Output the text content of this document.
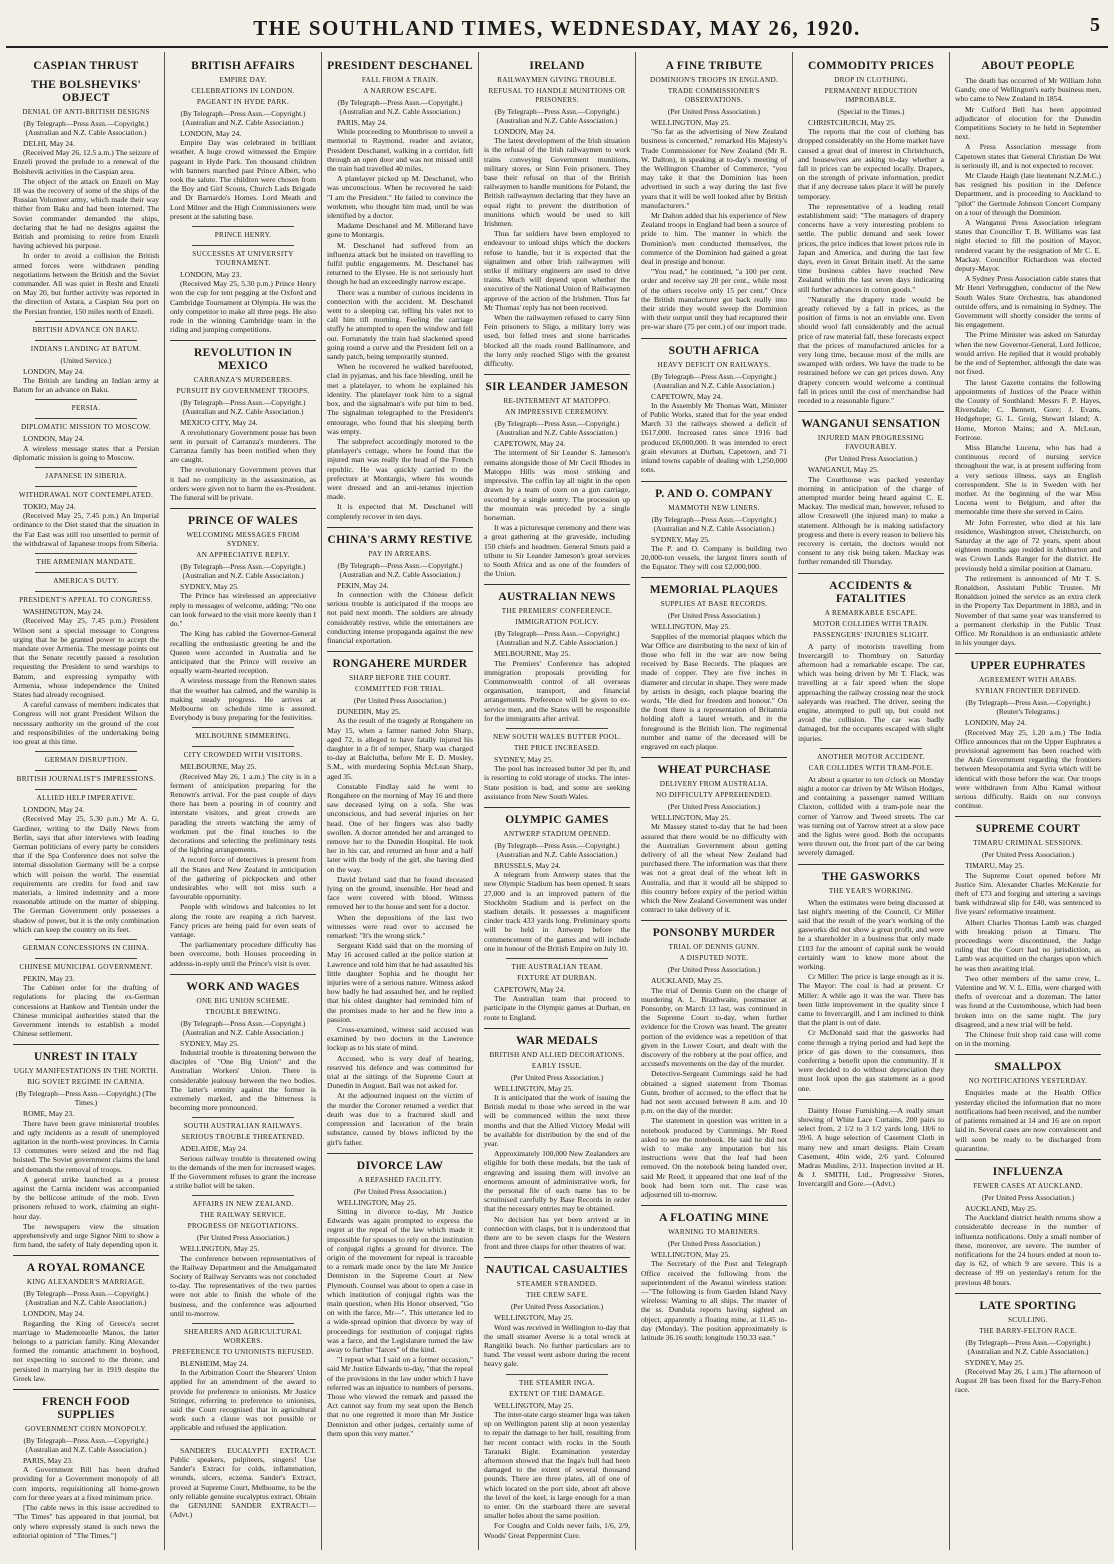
THE SOUTHLAND TIMES, WEDNESDAY, MAY 26, 1920.	5
CASPIAN THRUST
THE BOLSHEVIKS' OBJECT
DENIAL OF ANTI-BRITISH DESIGNS
(By Telegraph—Press Assn.—Copyright.) (Australian and N.Z. Cable Association.)
DELHI, May 24.
(Received May 26, 12.5 a.m.) The seizure of Enzeli proved the prelude to a renewal of the Bolshevik activities in the Caspian area.
The object of the attack on Enzeli on May 18 was the recovery of some of the ships of the Russian Volunteer army, which made their way thither from Baku and had been interned. The Soviet commander demanded the ships, declaring that he had no designs against the British and promising to retire from Enzeli having achieved his purpose.
In order to avoid a collision the British armed forces were withdrawn pending negotiations between the British and the Soviet commander. All was quiet in Resht and Enzeli on May 20, but further activity was reported in the direction of Astara, a Caspian Sea port on the Persian frontier, 150 miles north of Enzeli.
BRITISH ADVANCE ON BAKU.
INDIANS LANDING AT BATUM.
(United Service.)
LONDON, May 24.
The British are landing an Indian army at Batum for an advance on Baku.
PERSIA.
DIPLOMATIC MISSION TO MOSCOW.
LONDON, May 24.
A wireless message states that a Persian diplomatic mission is going to Moscow.
JAPANESE IN SIBERIA.
WITHDRAWAL NOT CONTEMPLATED.
TOKIO, May 24.
(Received May 25, 7.45 p.m.) An Imperial ordinance to the Diet stated that the situation in the Far East was still too unsettled to permit of the withdrawal of Japanese troops from Siberia.
THE ARMENIAN MANDATE.
AMERICA'S DUTY.
PRESIDENT'S APPEAL TO CONGRESS.
WASHINGTON, May 24.
(Received May 25, 7.45 p.m.) President Wilson sent a special message to Congress urging that he be granted power to accept the mandate over Armenia. The message points out that the Senate recently passed a resolution requesting the President to send warships to Batum, and expressing sympathy with Armenia, whose independence the United States had already recognised.
A careful canvass of members indicates that Congress will not grant President Wilson the necessary authority on the ground of the cost and responsibilities of the undertaking being too great at this time.
GERMAN DISRUPTION.
BRITISH JOURNALIST'S IMPRESSIONS.
ALLIED HELP IMPERATIVE.
LONDON, May 24.
(Received May 25, 5.30 p.m.) Mr A. G. Gardiner, writing to the Daily News from Berlin, says that after interviews with leading German politicians of every party he considers that if the Spa Conference does not solve the internal dissolution Germany will be a corpse which will poison the world. The essential requirements are credits for food and raw materials, a limited indemnity and a more reasonable attitude on the matter of shipping. The German Government only possesses a shadow of power, but it is the only combination which can keep the country on its feet.
GERMAN CONCESSIONS IN CHINA.
CHINESE MUNICIPAL GOVERNMENT.
PEKIN, May 23.
The Cabinet order for the drafting of regulations for placing the ex-German concessions at Hankow and Tientsin under the Chinese municipal authorities stated that the Government intends to establish a model Chinese settlement.
UNREST IN ITALY
UGLY MANIFESTATIONS IN THE NORTH.
BIG SOVIET REGIME IN CARNIA.
(By Telegraph—Press Assn.—Copyright.) (The Times.)
ROME, May 23.
There have been grave ministerial troubles and ugly incidents as a result of unemployed agitation in the north-west provinces. In Carnia 13 communes were seized and the red flag hoisted. The Soviet government claims the land and demands the removal of troops.
A general strike launched as a protest against the Carnia incident was accompanied by the bellicose attitude of the mob. Even prisoners refused to work, claiming an eight-hour day.
The newspapers view the situation apprehensively and urge Signor Nitti to show a firm hand, the safety of Italy depending upon it.
A ROYAL ROMANCE
KING ALEXANDER'S MARRIAGE.
(By Telegraph—Press Assn.—Copyright.) (Australian and N.Z. Cable Association.)
LONDON, May 24.
Regarding the King of Greece's secret marriage to Mademoiselle Manos, the latter belongs to a patrician family. King Alexander formed the romantic attachment in boyhood, not expecting to succeed to the throne, and persisted in marrying her in 1919 despite the Greek law.
FRENCH FOOD SUPPLIES
GOVERNMENT CORN MONOPOLY.
(By Telegraph—Press Assn.—Copyright.) (Australian and N.Z. Cable Association.)
PARIS, May 23.
A Government Bill has been drafted providing for a Government monopoly of all corn imports, requisitioning all home-grown corn for three years at a fixed minimum price.
[The cable news in this issue accredited to "The Times" has appeared in that journal, but only where expressly stated is such news the editorial opinion of "The Times."]
BRITISH AFFAIRS
EMPIRE DAY.
CELEBRATIONS IN LONDON.
PAGEANT IN HYDE PARK.
(By Telegraph—Press Assn.—Copyright.) (Australian and N.Z. Cable Association.)
LONDON, May 24.
Empire Day was celebrated in brilliant weather. A huge crowd witnessed the Empire pageant in Hyde Park. Ten thousand children with banners marched past Prince Albert, who took the salute. The children were chosen from the Boy and Girl Scouts, Church Lads Brigade and Dr Barnardo's Homes. Lord Meath and Lord Milner and the High Commissioners were present at the saluting base.
PRINCE HENRY.
SUCCESSES AT UNIVERSITY TOURNAMENT.
LONDON, May 23.
(Received May 25, 5.30 p.m.) Prince Henry won the cup for tent pegging at the Oxford and Cambridge Tournament at Olympia. He was the only competitor to make all three pegs. He also rode in the winning Cambridge team in the riding and jumping competitions.
REVOLUTION IN MEXICO
CARRANZA'S MURDERERS.
PURSUIT BY GOVERNMENT TROOPS.
(By Telegraph—Press Assn.—Copyright.) (Australian and N.Z. Cable Association.)
MEXICO CITY, May 24.
A revolutionary Government posse has been sent in pursuit of Carranza's murderers. The Carranza family has been notified when they are caught.
The revolutionary Government proves that it had no complicity in the assassination, as orders were given not to harm the ex-President. The funeral will be private.
PRINCE OF WALES
WELCOMING MESSAGES FROM SYDNEY.
AN APPRECIATIVE REPLY.
(By Telegraph—Press Assn.—Copyright.) (Australian and N.Z. Cable Association.)
SYDNEY, May 25.
The Prince has wirelessed an appreciative reply to messages of welcome, adding: "No one can look forward to the visit more keenly than I do."
The King has cabled the Governor-General recalling the enthusiastic greeting he and the Queen were accorded in Australia and he anticipated that the Prince will receive an equally warm-hearted reception.
A wireless message from the Renown states that the weather has calmed, and the warship is making steady progress. He arrives at Melbourne on schedule time is assured. Everybody is busy preparing for the festivities.
MELBOURNE SIMMERING.
CITY CROWDED WITH VISITORS.
MELBOURNE, May 25.
(Received May 26, 1 a.m.) The city is in a ferment of anticipation preparing for the Renown's arrival. For the past couple of days there has been a pouring in of country and interstate visitors, and great crowds are parading the streets watching the army of workmen put the final touches to the decorations and selecting the preliminary tests of the lighting arrangements.
A record force of detectives is present from all the States and New Zealand in anticipation of the gathering of pickpockets and other undesirables who will not miss such a favourable opportunity.
People with windows and balconies to let along the route are reaping a rich harvest. Fancy prices are being paid for even seats of vantage.
The parliamentary procedure difficulty has been overcome, both Houses proceeding in address-in-reply until the Prince's visit is over.
WORK AND WAGES
ONE BIG UNION SCHEME.
TROUBLE BREWING.
(By Telegraph—Press Assn.—Copyright.) (Australian and N.Z. Cable Association.)
SYDNEY, May 25.
Industrial trouble is threatening between the disciples of "One Big Union" and the Australian Workers' Union. There is considerable jealousy between the two bodies. The latter's enmity against the former is extremely marked, and the bitterness is becoming more pronounced.
SOUTH AUSTRALIAN RAILWAYS.
SERIOUS TROUBLE THREATENED.
ADELAIDE, May 24.
Serious railway trouble is threatened owing to the demands of the men for increased wages. If the Government refuses to grant the increase a strike ballot will be taken.
AFFAIRS IN NEW ZEALAND.
THE RAILWAY SERVICE.
PROGRESS OF NEGOTIATIONS.
(Per United Press Association.)
WELLINGTON, May 25.
The conference between representatives of the Railway Department and the Amalgamated Society of Railway Servants was not concluded to-day. The representatives of the two parties were not able to finish the whole of the business, and the conference was adjourned until to-morrow.
SHEARERS AND AGRICULTURAL WORKERS.
PREFERENCE TO UNIONISTS REFUSED.
BLENHEIM, May 24.
In the Arbitration Court the Shearers' Union applied for an amendment of the award to provide for preference to unionists. Mr Justice Stringer, referring to preference to unionists, said the Court recognised that in agricultural work such a clause was not possible or applicable and refused the application.
SANDER'S EUCALYPTI EXTRACT. Public speakers, pulpiteers, singers! Use Sander's Extract for colds, inflammation, wounds, ulcers, eczema. Sander's Extract, proved at Supreme Court, Melbourne, to be the only reliable genuine eucalyptus extract. Obtain the GENUINE SANDER EXTRACT!—(Advt.)
PRESIDENT DESCHANEL
FALL FROM A TRAIN.
A NARROW ESCAPE.
(By Telegraph—Press Assn.—Copyright.) (Australian and N.Z. Cable Association.)
PARIS, May 24.
While proceeding to Montbrison to unveil a memorial to Raymond, reader and aviator, President Deschanel, walking in a corridor, fell through an open door and was not missed until the train had travelled 40 miles.
A platelayer picked up M. Deschanel, who was unconscious. When he recovered he said: "I am the President." He failed to convince the workmen, who thought him mad, until he was identified by a doctor.
Madame Deschanel and M. Millerand have gone to Montargis.
M. Deschanel had suffered from an influenza attack but he insisted on travelling to fulfil public engagements. M. Deschanel has returned to the Elysee. He is not seriously hurt though he had an exceedingly narrow escape.
There was a number of curious incidents in connection with the accident. M. Deschanel went to a sleeping car, telling his valet not to call him till morning. Feeling the carriage stuffy he attempted to open the window and fell out. Fortunately the train had slackened speed going round a curve and the President fell on a sandy patch, being temporarily stunned.
When he recovered he walked barefooted, clad in pyjamas, and his face bleeding, until he met a platelayer, to whom he explained his identity. The platelayer took him to a signal box, and the signalman's wife put him to bed. The signalman telegraphed to the President's entourage, who found that his sleeping berth was empty.
The subprefect accordingly motored to the platelayer's cottage, where he found that the injured man was really the head of the French republic. He was quickly carried to the prefecture at Montargis, where his wounds were dressed and an anti-tetanus injection made.
It is expected that M. Deschanel will completely recover in ten days.
CHINA'S ARMY RESTIVE
PAY IN ARREARS.
(By Telegraph—Press Assn.—Copyright.) (Australian and N.Z. Cable Association.)
PEKIN, May 24.
In connection with the Chinese deficit serious trouble is anticipated if the troops are not paid next month. The soldiers are already considerably restive, while the entertainers are conducting intense propaganda against the new financial exportation.
RONGAHERE MURDER
SHARP BEFORE THE COURT.
COMMITTED FOR TRIAL.
(Per United Press Association.)
DUNEDIN, May 25.
As the result of the tragedy at Rongahere on May 15, when a farmer named John Sharp, aged 72, is alleged to have fatally injured his daughter in a fit of temper, Sharp was charged to-day at Balclutha, before Mr E. D. Mosley, S.M., with murdering Sophia McLean Sharp, aged 35.
Constable Findlay said he went to Rongahere on the morning of May 16 and there saw deceased lying on a sofa. She was unconscious, and had several injuries on her head. One of her fingers was also badly swollen. A doctor attended her and arranged to remove her to the Dunedin Hospital. He took her in his car, and returned an hour and a half later with the body of the girl, she having died on the way.
David Ireland said that he found deceased lying on the ground, insensible. Her head and face were covered with blood. Witness removed her to the house and sent for a doctor.
When the depositions of the last two witnesses were read over to accused he remarked: "It's the wrong stick."
Sergeant Kidd said that on the morning of May 16 accused called at the police station at Lawrence and told him that he had assaulted his little daughter Sophia and he thought her injuries were of a serious nature. Witness asked how badly he had assaulted her, and he replied that his oldest daughter had reminded him of the promises made to her and he flew into a passion.
Cross-examined, witness said accused was examined by two doctors in the Lawrence lockup as to his state of mind.
Accused, who is very deaf of hearing, reserved his defence and was committed for trial at the sittings of the Supreme Court at Dunedin in August. Bail was not asked for.
At the adjourned inquest on the victim of the murder the Coroner returned a verdict that death was due to a fractured skull and compression and laceration of the brain substance, caused by blows inflicted by the girl's father.
DIVORCE LAW
A REFASHED FACILITY.
(Per United Press Association.)
WELLINGTON, May 25.
Sitting in divorce to-day, Mr Justice Edwards was again prompted to express the regret at the repeal of the law which made it impossible for spouses to rely on the institution of conjugal rights a ground for divorce. The origin of the movement for repeal is traceable to a remark made once by the late Mr Justice Denniston in the Supreme Court at New Plymouth. Counsel was about to open a case in which institution of conjugal rights was the main question, when His Honor observed, "Go on with the farce, Mr—". This utterance led to a wide-spread opinion that divorce by way of proceedings for restitution of conjugal rights was a farce, and the Legislature turned the law away to further "farces" of the kind.
"I repeat what I said on a former occasion," said Mr Justice Edwards to-day, "that the repeal of the provisions in the law under which I have referred was an injustice to numbers of persons. Those who viewed the remark and passed the Act cannot say from my seat upon the Bench that no one regretted it more than Mr Justice Denniston and other judges, certainly some of them upon this very matter."
IRELAND
RAILWAYMEN GIVING TROUBLE.
REFUSAL TO HANDLE MUNITIONS OR PRISONERS.
(By Telegraph—Press Assn.—Copyright.) (Australian and N.Z. Cable Association.)
LONDON, May 24.
The latest development of the Irish situation is the refusal of the Irish railwaymen to work trains conveying Government munitions, military stores, or Sinn Fein prisoners. They base their refusal on that of the British railwaymen to handle munitions for Poland, the British railwaymen declaring that they have an equal right to prevent the distribution of munitions which would be used to kill Irishmen.
Thus far soldiers have been employed to endeavour to unload ships which the dockers refuse to handle, but it is expected that the signalmen and other Irish railwaymen will strike if military engineers are used to drive trains. Much will depend upon whether the executive of the National Union of Railwaymen approve of the action of the Irishmen. Thus far Mr Thomas' reply has not been received.
When the railwaymen refused to carry Sinn Fein prisoners to Sligo, a military lorry was used, but felled trees and stone barricades blocked all the roads round Ballinamore, and the lorry only reached Sligo with the greatest difficulty.
SIR LEANDER JAMESON
RE-INTERMENT AT MATOPPO.
AN IMPRESSIVE CEREMONY.
(By Telegraph—Press Assn.—Copyright.) (Australian and N.Z. Cable Association.)
CAPETOWN, May 24.
The interment of Sir Leander S. Jameson's remains alongside those of Mr Cecil Rhodes in Matoppo Hills was most striking and impressive. The coffin lay all night in the open drawn by a team of oxen on a gun carriage, escorted by a single sentry. The procession up the mountain was preceded by a single horseman.
It was a picturesque ceremony and there was a great gathering at the graveside, including 150 chiefs and headmen. General Smuts paid a tribute to Sir Leander Jameson's great services to South Africa and as one of the founders of the Union.
AUSTRALIAN NEWS
THE PREMIERS' CONFERENCE.
IMMIGRATION POLICY.
(By Telegraph—Press Assn.—Copyright.) (Australian and N.Z. Cable Association.)
MELBOURNE, May 25.
The Premiers' Conference has adopted immigration proposals providing for Commonwealth control of all overseas organisation, transport, and financial arrangements. Preference will be given to ex-service men, and the States will be responsible for the immigrants after arrival.
NEW SOUTH WALES BUTTER POOL.
THE PRICE INCREASED.
SYDNEY, May 25.
The pool has increased butter 3d per lb, and is resorting to cold storage of stocks. The inter-State position is bad, and some are seeking assistance from New South Wales.
OLYMPIC GAMES
ANTWERP STADIUM OPENED.
(By Telegraph—Press Assn.—Copyright.) (Australian and N.Z. Cable Association.)
BRUSSELS, May 24.
A telegram from Antwerp states that the new Olympic Stadium has been opened. It seats 27,000 and is an improved pattern of the Stockholm Stadium and is perfect on the stadium details. It possesses a magnificent cinder track 433 yards long. Preliminary sports will be held in Antwerp before the commencement of the games and will include one in honour of the British Empire on July 10.
THE AUSTRALIAN TEAM.
FIXTURE AT DURBAN.
CAPETOWN, May 24.
The Australian team that proceed to participate in the Olympic games at Durban, en route to England.
WAR MEDALS
BRITISH AND ALLIED DECORATIONS.
EARLY ISSUE.
(Per United Press Association.)
WELLINGTON, May 25.
It is anticipated that the work of issuing the British medal to those who served in the war will be commenced within the next three months and that the Allied Victory Medal will be available for distribution by the end of the year.
Approximately 100,000 New Zealanders are eligible for both these medals, but the task of engraving and issuing them will involve an enormous amount of administrative work, for the personal file of each name has to be scrutinised carefully by Base Records in order that the necessary entries may be obtained.
No decision has yet been arrived at in connection with clasps, but it is understood that there are to be seven clasps for the Western front and three clasps for other theatres of war.
NAUTICAL CASUALTIES
STEAMER STRANDED.
THE CREW SAFE.
(Per United Press Association.)
WELLINGTON, May 25.
Word was received in Wellington to-day that the small steamer Averse is a total wreck at Rangitiki beach. No further particulars are to hand. The vessel went ashore during the recent heavy gale.
THE STEAMER INGA.
EXTENT OF THE DAMAGE.
WELLINGTON, May 25.
The inter-state cargo steamer Inga was taken up on Wellington patent slip at noon yesterday to repair the damage to her hull, resulting from her recent contact with rocks in the South Taranaki Bight. Examination yesterday afternoon showed that the Inga's hull had been damaged to the extent of several thousand pounds. There are three plates, all of one of which located on the port side, about aft above the level of the keel, is large enough for a man to enter. On the starboard there are several smaller holes about the same position.
For Coughs and Colds never fails, 1/6, 2/9, Woods' Great Peppermint Cure.
A FINE TRIBUTE
DOMINION'S TROOPS IN ENGLAND.
TRADE COMMISSIONER'S OBSERVATIONS.
(Per United Press Association.)
WELLINGTON, May 25.
"So far as the advertising of New Zealand business is concerned," remarked His Majesty's Trade Commissioner for New Zealand (Mr R. W. Dalton), in speaking at to-day's meeting of the Wellington Chamber of Commerce, "you may take it that the Dominion has been advertised in such a way during the last five years that it will be well looked after by British manufacturers."
Mr Dalton added that his experience of New Zealand troops in England had been a source of pride to him. The manner in which the Dominion's men conducted themselves, the commerce of the Dominion had gained a great deal in prestige and honour.
"You read," he continued, "a 100 per cent. order and receive say 20 per cent., while most of the others receive only 15 per cent." Once the British manufacturer got back really into their stride they would sweep the Dominion with their output until they had recaptured their pre-war share (75 per cent.) of our import trade.
SOUTH AFRICA
HEAVY DEFICIT ON RAILWAYS.
(By Telegraph—Press Assn.—Copyright.) (Australian and N.Z. Cable Association.)
CAPETOWN, May 24.
In the Assembly Mr Thomas Watt, Minister of Public Works, stated that for the year ended March 31 the railways showed a deficit of £617,000. Increased rates since 1916 had produced £6,000,000. It was intended to erect grain elevators at Durban, Capetown, and 71 inland towns capable of dealing with 1,250,000 tons.
P. AND O. COMPANY
MAMMOTH NEW LINERS.
(By Telegraph—Press Assn.—Copyright.) (Australian and N.Z. Cable Association.)
SYDNEY, May 25.
The P. and O. Company is building two 20,000-ton vessels, the largest liners south of the Equator. They will cost £2,000,000.
MEMORIAL PLAQUES
SUPPLIES AT BASE RECORDS.
(Per United Press Association.)
WELLINGTON, May 25.
Supplies of the memorial plaques which the War Office are distributing to the next of kin of those who fell in the war are now being received by Base Records. The plaques are made of copper. They are five inches in diameter and circular in shape. They were made by artists in design, each plaque bearing the words, "He died for freedom and honour." On the front there is a representation of Britannia holding aloft a laurel wreath, and in the foreground is the British lion. The regimental number and name of the deceased will be engraved on each plaque.
WHEAT PURCHASE
DELIVERY FROM AUSTRALIA.
NO DIFFICULTY APPREHENDED.
(Per United Press Association.)
WELLINGTON, May 25.
Mr Massey stated to-day that he had been assured that there would be no difficulty with the Australian Government about getting delivery of all the wheat New Zealand had purchased there. The information was that there was not a great deal of the wheat left in Australia, and that it would all be shipped to this country before expiry of the period within which the New Zealand Government was under contract to take delivery of it.
PONSONBY MURDER
TRIAL OF DENNIS GUNN.
A DISPUTED NOTE.
(Per United Press Association.)
AUCKLAND, May 25.
The trial of Dennis Gunn on the charge of murdering A. L. Braithwaite, postmaster at Ponsonby, on March 13 last, was continued in the Supreme Court to-day, when further evidence for the Crown was heard. The greater portion of the evidence was a repetition of that given in the Lower Court, and dealt with the discovery of the robbery at the post office, and accused's movements on the day of the murder.
Detective-Sergeant Cummings said he had obtained a signed statement from Thomas Gunn, brother of accused, to the effect that he had not seen accused between 8 a.m. and 10 p.m. on the day of the murder.
The statement in question was written in a notebook produced by Cummings. Mr Reed asked to see the notebook. He said he did not wish to make any imputation but his instructions were that the leaf had been removed. On the notebook being handed over, said Mr Reed, it appeared that one leaf of the book had been torn out. The case was adjourned till to-morrow.
A FLOATING MINE
WARNING TO MARINERS.
(Per United Press Association.)
WELLINGTON, May 25.
The Secretary of the Post and Telegraph Office received the following from the superintendent of the Awanui wireless station:—"The following is from Garden Island Navy wireless: Warning to all ships. The master of the ss. Dundula reports having sighted an object, apparently a floating mine, at 11.45 to-day (Monday). The position approximately is latitude 36.16 south; longitude 150.33 east."
COMMODITY PRICES
DROP IN CLOTHING.
PERMANENT REDUCTION IMPROBABLE.
(Special to the Times.)
CHRISTCHURCH, May 25.
The reports that the cost of clothing has dropped considerably on the Home market have caused a great deal of interest in Christchurch, and housewives are asking to-day whether a fall in prices can be expected locally. Drapers, on the strength of private information, predict that if any decrease takes place it will be purely temporary.
The representative of a leading retail establishment said: "The managers of drapery concerns have a very interesting problem to settle. The public demand and seek lower prices, the price indices that lower prices rule in Japan and America, and during the last few days, even in Great Britain itself. At the same time business cables have reached New Zealand within the last seven days indicating still further advances in cotton goods."
"Naturally the drapery trade would be greatly relieved by a fall in prices, as the position of firms is not an enviable one. Even should wool fall considerably and the actual price of raw material fall, these forecasts expect that the prices of manufactured articles for a very long time, because most of the mills are swamped with orders. We have the trade to be restrained before we can get prices down. Any drapery concern would welcome a continual fall in prices until the cost of merchandise had receded to a reasonable figure."
WANGANUI SENSATION
INJURED MAN PROGRESSING FAVOURABLY.
(Per United Press Association.)
WANGANUI, May 25.
The Courthouse was packed yesterday morning in anticipation of the charge of attempted murder being heard against C. E. Mackay. The medical man, however, refused to allow Cresswell (the injured man) to make a statement. Although he is making satisfactory progress and there is every reason to believe his recovery is certain, the doctors would not consent to any risk being taken. Mackay was further remanded till Thursday.
ACCIDENTS & FATALITIES
A REMARKABLE ESCAPE.
MOTOR COLLIDES WITH TRAIN.
PASSENGERS' INJURIES SLIGHT.
A party of motorists travelling from Invercargill to Thornbury on Saturday afternoon had a remarkable escape. The car, which was being driven by Mr T. Flack, was travelling at a fair speed when the slope approaching the railway crossing near the stock saleyards was reached. The driver, seeing the engine, attempted to pull up, but could not avoid the collision. The car was badly damaged, but the occupants escaped with slight injuries.
ANOTHER MOTOR ACCIDENT.
CAR COLLIDES WITH TRAM-POLE.
At about a quarter to ten o'clock on Monday night a motor car driven by Mr Wilson Hodges, and containing a passenger named William Claxton, collided with a tram-pole near the corner of Yarrow and Tweed streets. The car was turning out of Yarrow street at a slow pace and the lights were good. Both the occupants were thrown out, the front part of the car being severely damaged.
THE GASWORKS
THE YEAR'S WORKING.
When the estimates were being discussed at last night's meeting of the Council, Cr Miller said that the result of the year's working of the gasworks did not show a great profit, and were he a shareholder in a business that only made £103 for the amount of capital sunk he would certainly want to know more about the working.
Cr Miller: The price is large enough as it is. The Mayor: The coal is bad at present. Cr Miller: A while ago it was the war. There has been little improvement in the quality since I came to Invercargill, and I am inclined to think that the plant is out of date.
Cr McDonald said that the gasworks had come through a trying period and had kept the price of gas down to the consumers, thus conferring a benefit upon the community. If it were decided to do without depreciation they must look upon the gas statement as a good one.
Dainty House Furnishing.—A really smart showing of White Lace Curtains, 200 pairs to select from, 2 1/2 to 3 1/2 yards long, 18/6 to 39/6. A huge selection of Casement Cloth in many new and smart designs. Plain Cream Casement, 40in wide, 2/6 yard. Coloured Madras Muslins, 2/11. Inspection invited at H. & J. SMITH, Ltd., Progressive Stores, Invercargill and Gore.—(Advt.)
ABOUT PEOPLE
The death has occurred of Mr William John Gandy, one of Wellington's early business men, who came to New Zealand in 1854.
Mr Culford Bell has been appointed adjudicator of elocution for the Dunedin Competitions Society to be held in September next.
A Press Association message from Capetown states that General Christian De Wet is seriously ill, and is not expected to recover.
Mr Claude Haigh (late lieutenant N.Z.M.C.) has resigned his position in the Defence Department, and is proceeding to Auckland to "pilot" the Gertrude Johnson Concert Company on a tour of through the Dominion.
A Wanganui Press Association telegram states that Councillor T. B. Williams was last night elected to fill the position of Mayor, rendered vacant by the resignation of Mr C. E. Mackay. Councillor Richardson was elected deputy-Mayor.
A Sydney Press Association cable states that Mr Henri Verbrugghen, conductor of the New South Wales State Orchestra, has abandoned outside offers, and is remaining in Sydney. The Government will shortly consider the terms of his engagement.
The Prime Minister was asked on Saturday when the new Governor-General, Lord Jellicoe, would arrive. He replied that it would probably be the end of September, although the date was not fixed.
The latest Gazette contains the following appointments of Justices of the Peace within the County of Southland: Messrs F. P. Hayes, Riversdale; C. Bennett, Gore; J. Evans, Hedgehope; G. L. Greig, Stewart Island; A. Horne, Morton Mains; and A. McLean, Fortrose.
Miss Blanche Lucena, who has had a continuous record of nursing service throughout the war, is at present suffering from a very serious illness, says an English correspondent. She is in Sweden with her mother. At the beginning of the war Miss Lucena went to Belgium, and after the memorable time there she served in Cairo.
Mr John Forrester, who died at his late residence, Washington street, Christchurch, on Saturday at the age of 72 years, spent about eighteen months ago resided in Ashburton and was Crown Lands Ranger for the district. He previously held a similar position at Oamaru.
The retirement is announced of Mr T. S. Ronaldson, Assistant Public Trustee. Mr Ronaldson joined the service as an extra clerk in the Property Tax Department in 1883, and in November of that same year was transferred to a permanent clerkship in the Public Trust Office. Mr Ronaldson is an enthusiastic athlete in his younger days.
UPPER EUPHRATES
AGREEMENT WITH ARABS.
SYRIAN FRONTIER DEFINED.
(By Telegraph—Press Assn.—Copyright.) (Reuter's Telegrams.)
LONDON, May 24.
(Received May 25, 1.20 a.m.) The India Office announces that on the Upper Euphrates a provisional agreement has been reached with the Arab Government regarding the frontiers between Mesopotamia and Syria which will be identical with those before the war. Our troops were withdrawn from Albu Kamal without serious difficulty. Raids on our convoys continue.
SUPREME COURT
TIMARU CRIMINAL SESSIONS.
(Per United Press Association.)
TIMARU, May 25.
The Supreme Court opened before Mr Justice Sim. Alexander Charles McKenzie for theft of £73 and forging and uttering a savings bank withdrawal slip for £40, was sentenced to five years' reformative treatment.
Albert Charles Thomas Lamb was charged with breaking prison at Timaru. The proceedings were discontinued, the Judge ruling that the Court had no jurisdiction, as Lamb was acquitted on the charges upon which he was then awaiting trial.
Two other members of the same crew, L. Valentine and W. V. L. Ellis, were charged with thefts of overcoat and a dozeman. The latter was found at the Customhouse, which had been broken into on the same night. The jury disagreed, and a new trial will be held.
The Chinese fruit shop raid case will come on in the morning.
SMALLPOX
NO NOTIFICATIONS YESTERDAY.
Enquiries made at the Health Office yesterday elicited the information that no more notifications had been received, and the number of patients remained at 14 and 16 are on report laid in. Several cases are now convalescent and will soon be ready to be discharged from quarantine.
INFLUENZA
FEWER CASES AT AUCKLAND.
(Per United Press Association.)
AUCKLAND, May 25.
The Auckland district health returns show a considerable decrease in the number of influenza notifications. Only a small number of these, moreover, are severe. The number of notifications for the 24 hours ended at noon to-day is 62, of which 9 are severe. This is a decrease of 99 on yesterday's return for the previous 48 hours.
LATE SPORTING
SCULLING.
THE BARRY-FELTON RACE.
(By Telegraph—Press Assn.—Copyright.) (Australian and N.Z. Cable Association.)
SYDNEY, May 25.
(Received May 26, 1 a.m.) The afternoon of August 28 has been fixed for the Barry-Felton race.
